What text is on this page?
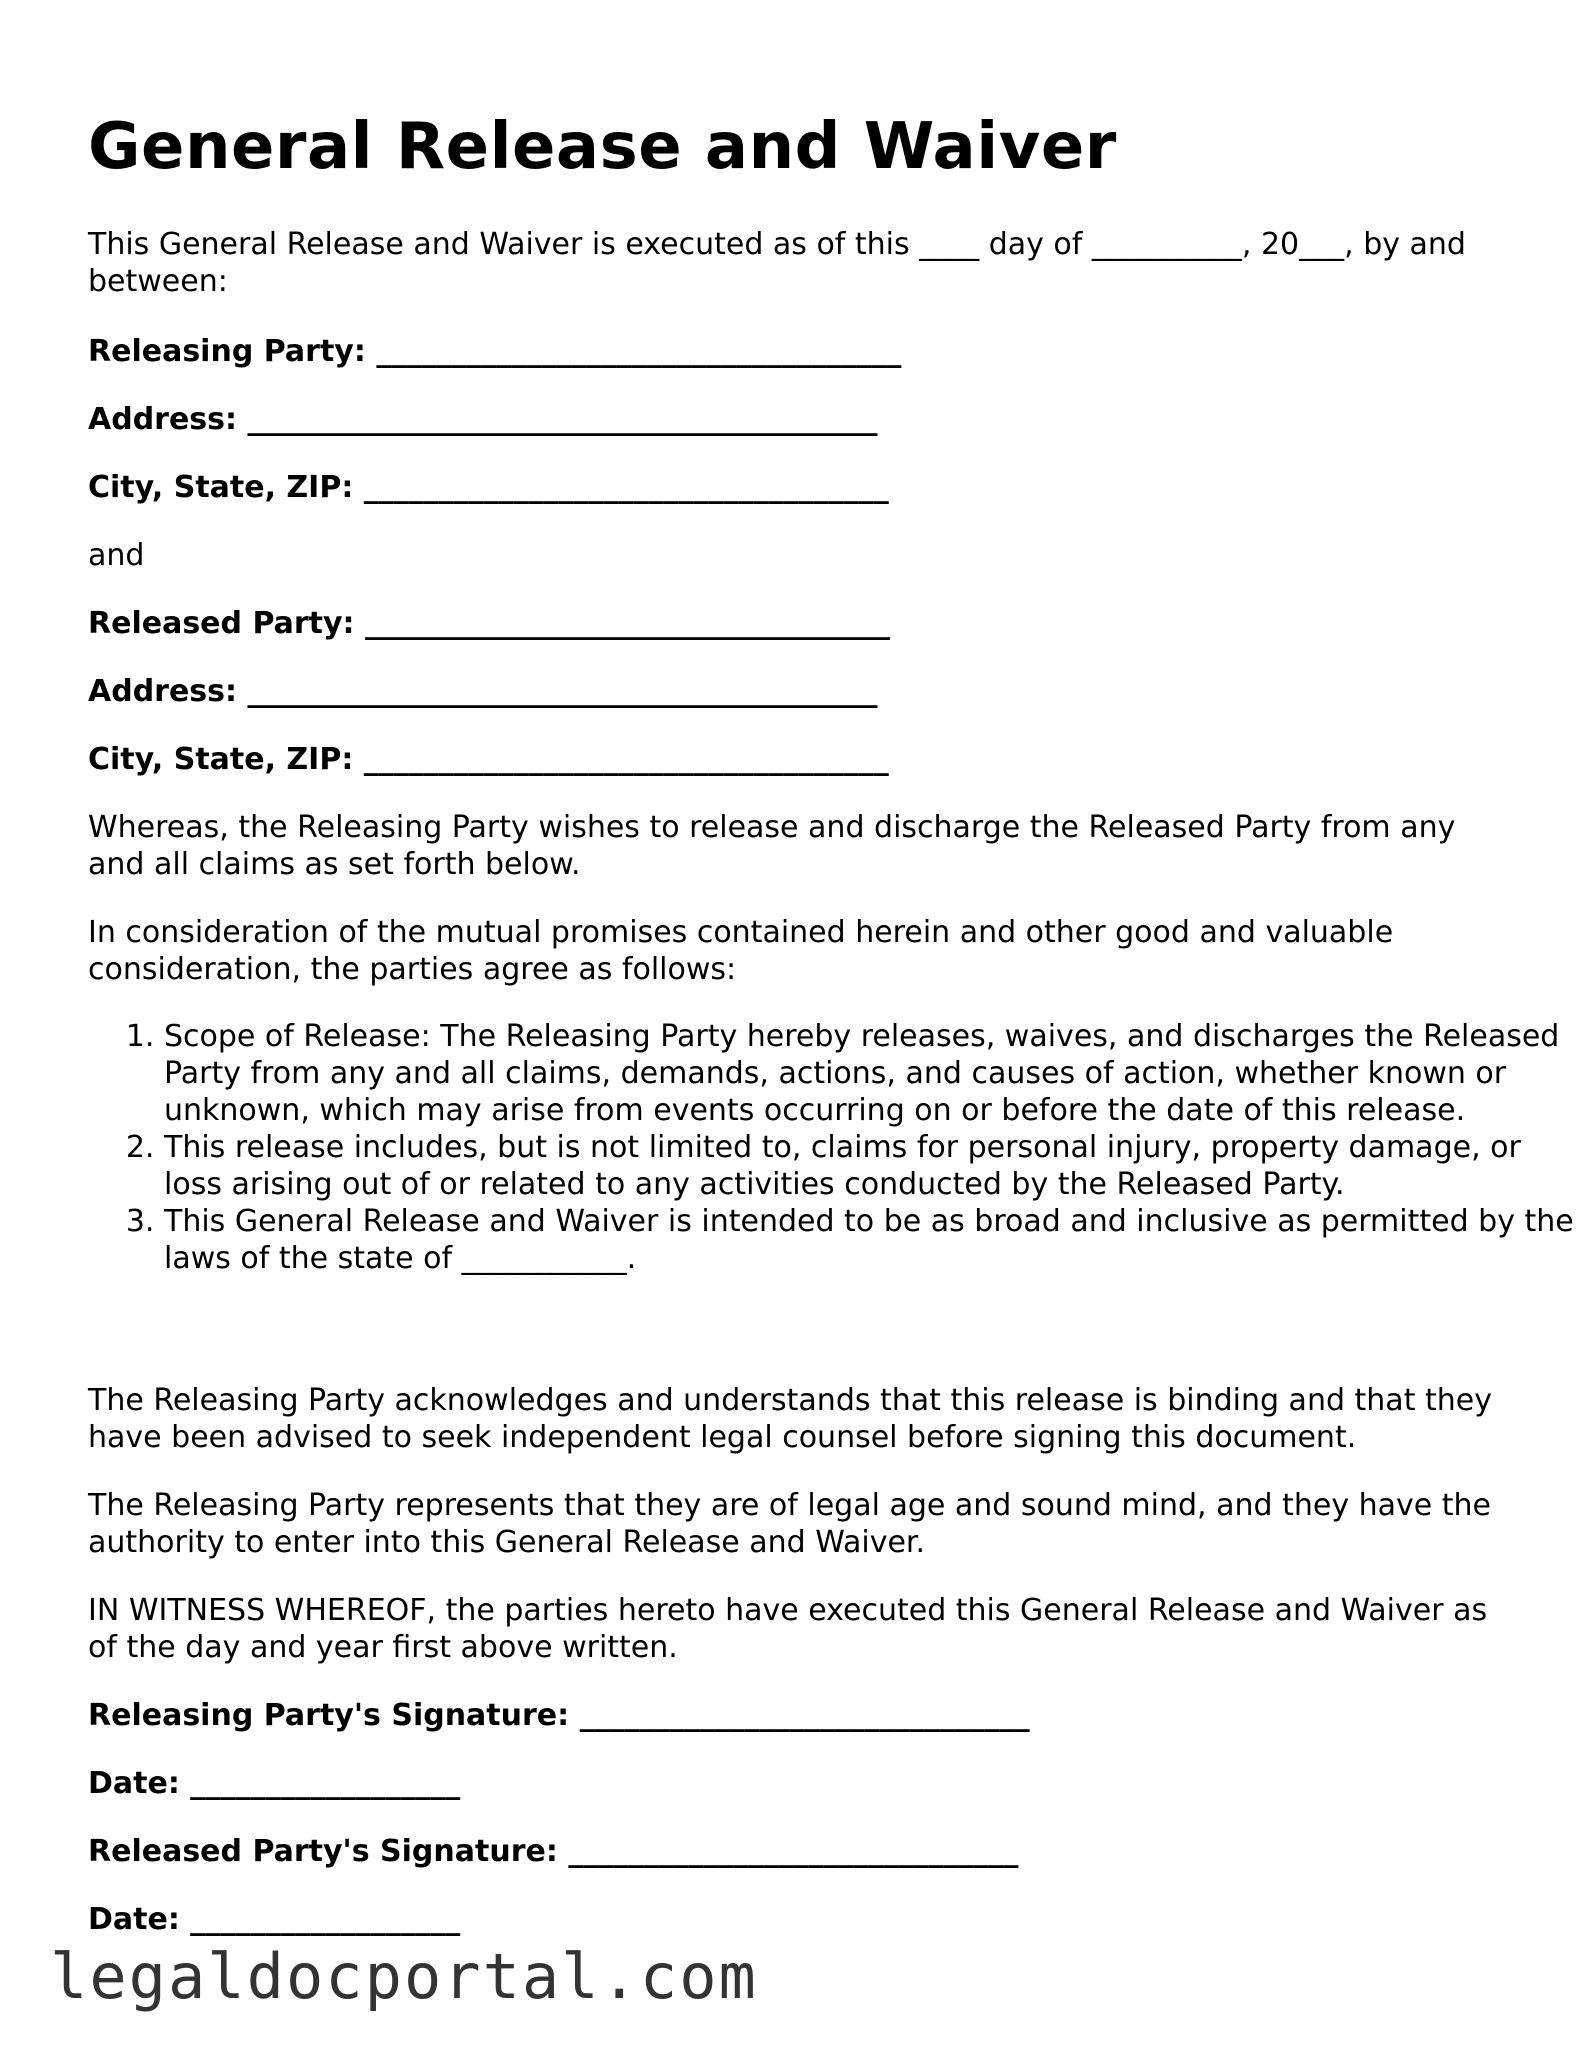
General Release and Waiver

This General Release and Waiver is executed as of this ____ day of __________, 20___, by and between:

Releasing Party: ___________________________________
Address: __________________________________________
City, State, ZIP: ___________________________________

and

Released Party: ___________________________________
Address: __________________________________________
City, State, ZIP: ___________________________________

Whereas, the Releasing Party wishes to release and discharge the Released Party from any and all claims as set forth below.

In consideration of the mutual promises contained herein and other good and valuable consideration, the parties agree as follows:

1. Scope of Release: The Releasing Party hereby releases, waives, and discharges the Released Party from any and all claims, demands, actions, and causes of action, whether known or unknown, which may arise from events occurring on or before the date of this release.
2. This release includes, but is not limited to, claims for personal injury, property damage, or loss arising out of or related to any activities conducted by the Released Party.
3. This General Release and Waiver is intended to be as broad and inclusive as permitted by the laws of the state of ___________.

The Releasing Party acknowledges and understands that this release is binding and that they have been advised to seek independent legal counsel before signing this document.

The Releasing Party represents that they are of legal age and sound mind, and they have the authority to enter into this General Release and Waiver.

IN WITNESS WHEREOF, the parties hereto have executed this General Release and Waiver as of the day and year first above written.

Releasing Party's Signature: ______________________________
Date: __________________
Released Party's Signature: ______________________________
Date: __________________
legaldocportal.com
